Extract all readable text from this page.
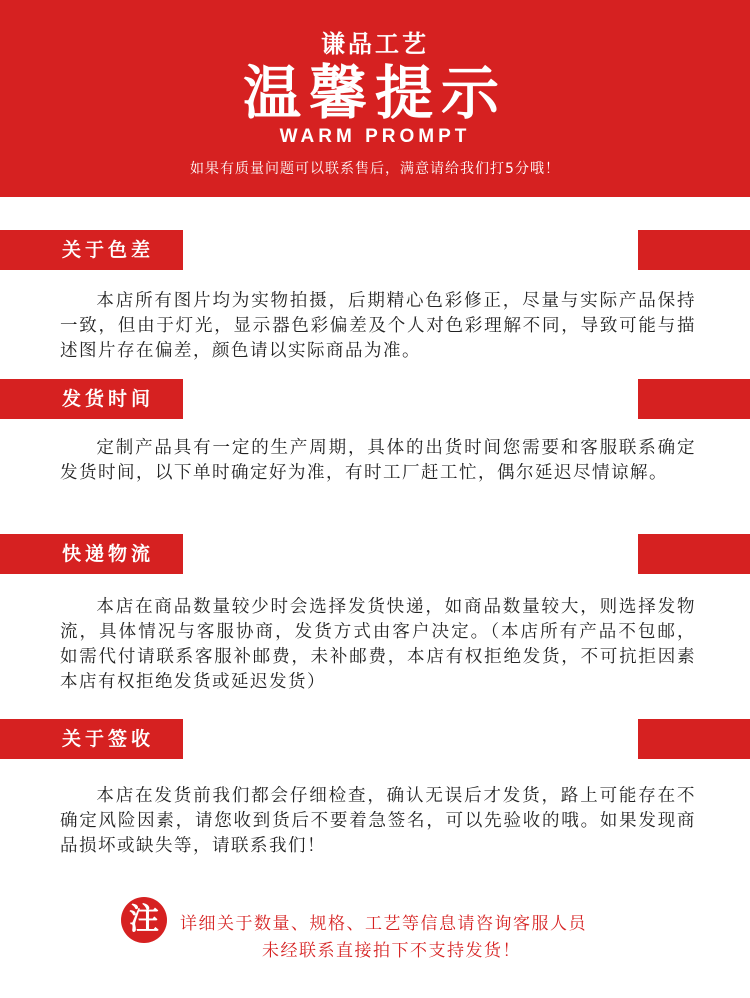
谦品工艺
温馨提示
WARM PROMPT
如果有质量问题可以联系售后，满意请给我们打5分哦！
关于色差
本店所有图片均为实物拍摄，后期精心色彩修正，尽量与实际产品保持一致，但由于灯光，显示器色彩偏差及个人对色彩理解不同，导致可能与描述图片存在偏差，颜色请以实际商品为准。
发货时间
定制产品具有一定的生产周期，具体的出货时间您需要和客服联系确定发货时间，以下单时确定好为准，有时工厂赶工忙，偶尔延迟尽情谅解。
快递物流
本店在商品数量较少时会选择发货快递，如商品数量较大，则选择发物流，具体情况与客服协商，发货方式由客户决定。（本店所有产品不包邮，如需代付请联系客服补邮费，未补邮费，本店有权拒绝发货，不可抗拒因素本店有权拒绝发货或延迟发货）
关于签收
本店在发货前我们都会仔细检查，确认无误后才发货，路上可能存在不确定风险因素，请您收到货后不要着急签名，可以先验收的哦。如果发现商品损坏或缺失等，请联系我们！
注	详细关于数量、规格、工艺等信息请咨询客服人员
未经联系直接拍下不支持发货！
